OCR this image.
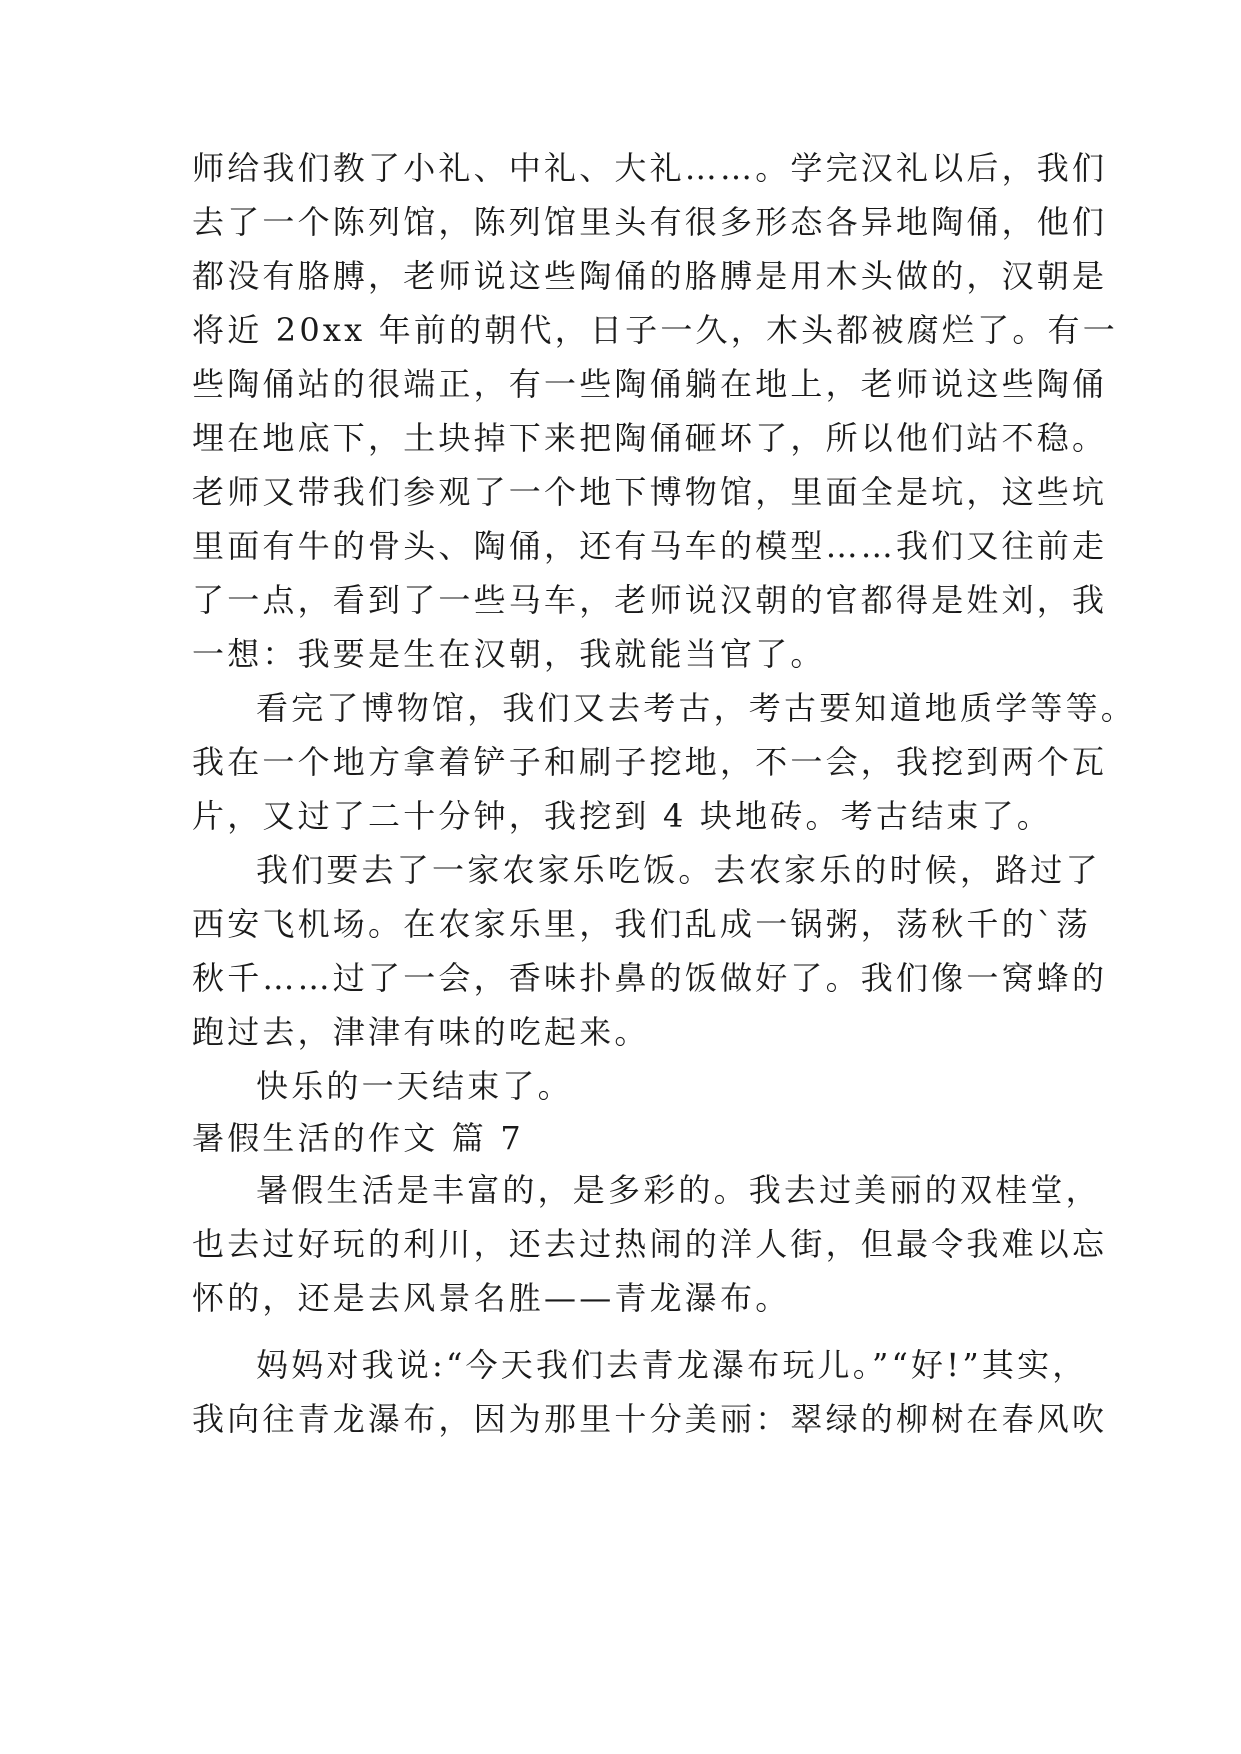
师给我们教了小礼、中礼、大礼……。学完汉礼以后，我们
去了一个陈列馆，陈列馆里头有很多形态各异地陶俑，他们
都没有胳膊，老师说这些陶俑的胳膊是用木头做的，汉朝是
将近 20xx 年前的朝代，日子一久，木头都被腐烂了。有一
些陶俑站的很端正，有一些陶俑躺在地上，老师说这些陶俑
埋在地底下，土块掉下来把陶俑砸坏了，所以他们站不稳。
老师又带我们参观了一个地下博物馆，里面全是坑，这些坑
里面有牛的骨头、陶俑，还有马车的模型……我们又往前走
了一点，看到了一些马车，老师说汉朝的官都得是姓刘，我
一想：我要是生在汉朝，我就能当官了。
看完了博物馆，我们又去考古，考古要知道地质学等等。
我在一个地方拿着铲子和刷子挖地，不一会，我挖到两个瓦
片，又过了二十分钟，我挖到 4 块地砖。考古结束了。
我们要去了一家农家乐吃饭。去农家乐的时候，路过了
西安飞机场。在农家乐里，我们乱成一锅粥，荡秋千的`荡
秋千……过了一会，香味扑鼻的饭做好了。我们像一窝蜂的
跑过去，津津有味的吃起来。
快乐的一天结束了。
暑假生活的作文 篇 7
暑假生活是丰富的，是多彩的。我去过美丽的双桂堂，
也去过好玩的利川，还去过热闹的洋人街，但最令我难以忘
怀的，还是去风景名胜——青龙瀑布。
妈妈对我说:“今天我们去青龙瀑布玩儿。”“好!”其实，
我向往青龙瀑布，因为那里十分美丽：翠绿的柳树在春风吹
